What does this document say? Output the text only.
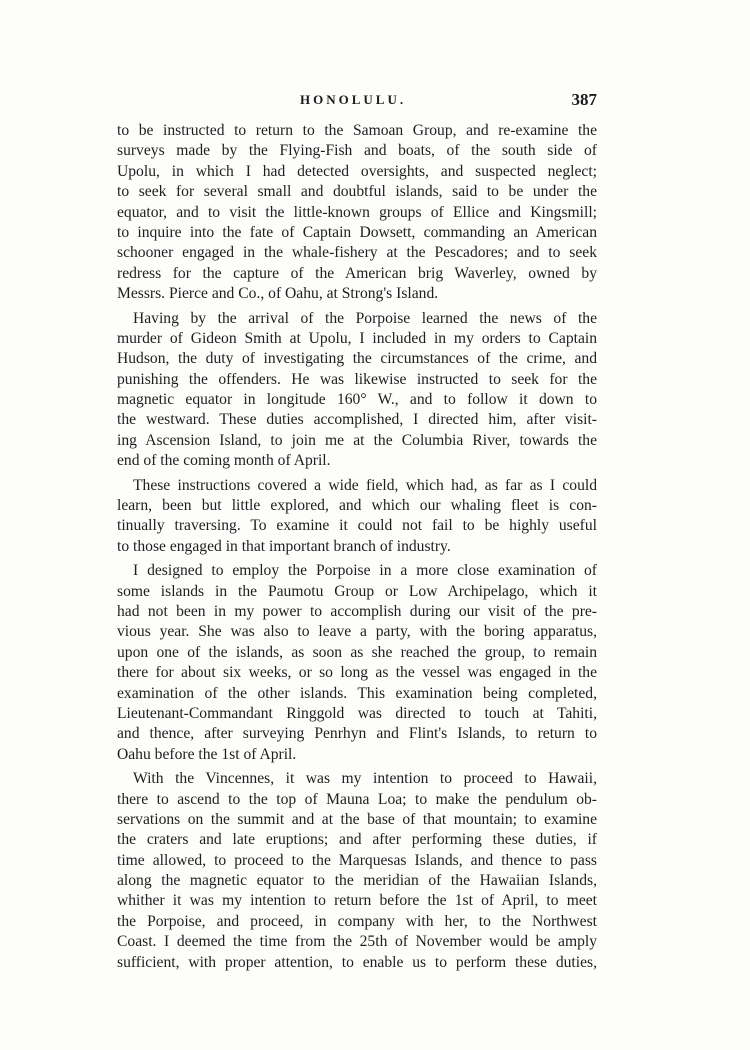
HONOLULU.	387
to be instructed to return to the Samoan Group, and re-examine the
surveys made by the Flying-Fish and boats, of the south side of
Upolu, in which I had detected oversights, and suspected neglect;
to seek for several small and doubtful islands, said to be under the
equator, and to visit the little-known groups of Ellice and Kingsmill;
to inquire into the fate of Captain Dowsett, commanding an American
schooner engaged in the whale-fishery at the Pescadores; and to seek
redress for the capture of the American brig Waverley, owned by
Messrs. Pierce and Co., of Oahu, at Strong's Island.
Having by the arrival of the Porpoise learned the news of the
murder of Gideon Smith at Upolu, I included in my orders to Captain
Hudson, the duty of investigating the circumstances of the crime, and
punishing the offenders. He was likewise instructed to seek for the
magnetic equator in longitude 160° W., and to follow it down to
the westward. These duties accomplished, I directed him, after visit-
ing Ascension Island, to join me at the Columbia River, towards the
end of the coming month of April.
These instructions covered a wide field, which had, as far as I could
learn, been but little explored, and which our whaling fleet is con-
tinually traversing. To examine it could not fail to be highly useful
to those engaged in that important branch of industry.
I designed to employ the Porpoise in a more close examination of
some islands in the Paumotu Group or Low Archipelago, which it
had not been in my power to accomplish during our visit of the pre-
vious year. She was also to leave a party, with the boring apparatus,
upon one of the islands, as soon as she reached the group, to remain
there for about six weeks, or so long as the vessel was engaged in the
examination of the other islands. This examination being completed,
Lieutenant-Commandant Ringgold was directed to touch at Tahiti,
and thence, after surveying Penrhyn and Flint's Islands, to return to
Oahu before the 1st of April.
With the Vincennes, it was my intention to proceed to Hawaii,
there to ascend to the top of Mauna Loa; to make the pendulum ob-
servations on the summit and at the base of that mountain; to examine
the craters and late eruptions; and after performing these duties, if
time allowed, to proceed to the Marquesas Islands, and thence to pass
along the magnetic equator to the meridian of the Hawaiian Islands,
whither it was my intention to return before the 1st of April, to meet
the Porpoise, and proceed, in company with her, to the Northwest
Coast. I deemed the time from the 25th of November would be amply
sufficient, with proper attention, to enable us to perform these duties,
